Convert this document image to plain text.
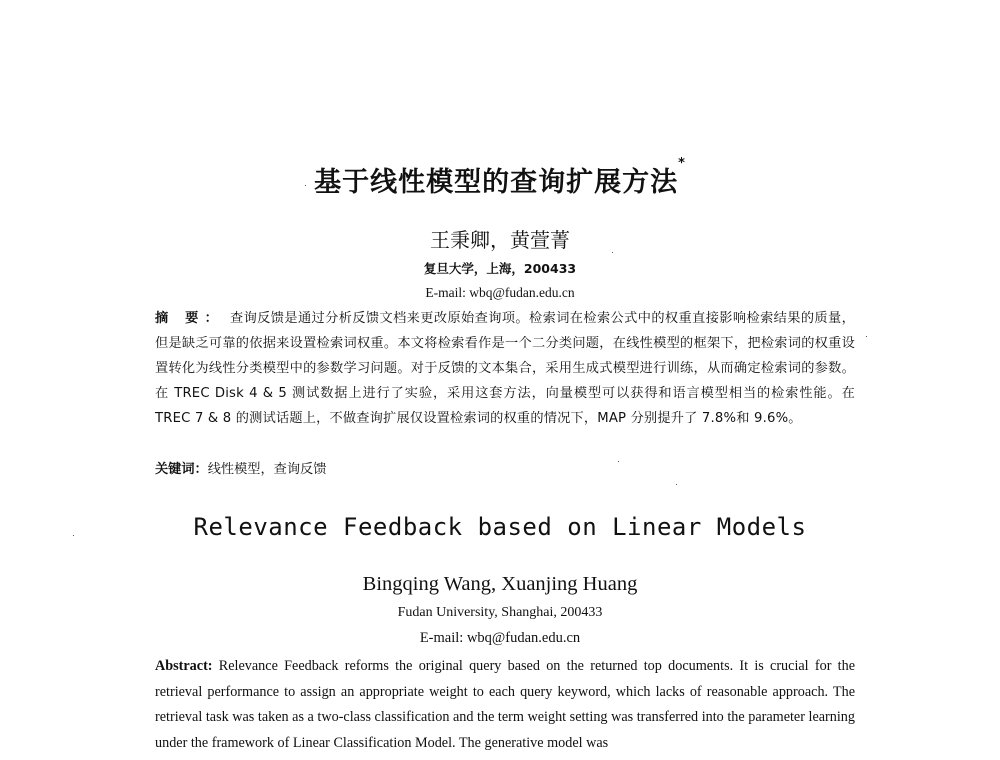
基于线性模型的查询扩展方法*
王秉卿，黄萱菁
复旦大学，上海，200433
E-mail: wbq@fudan.edu.cn
摘 要： 查询反馈是通过分析反馈文档来更改原始查询项。检索词在检索公式中的权重直接影响检索结果的质量，但是缺乏可靠的依据来设置检索词权重。本文将检索看作是一个二分类问题，在线性模型的框架下，把检索词的权重设置转化为线性分类模型中的参数学习问题。对于反馈的文本集合，采用生成式模型进行训练，从而确定检索词的参数。在 TREC Disk 4 & 5 测试数据上进行了实验，采用这套方法，向量模型可以获得和语言模型相当的检索性能。在 TREC 7 & 8 的测试话题上，不做查询扩展仅设置检索词的权重的情况下，MAP 分别提升了 7.8%和 9.6%。
关键词：线性模型，查询反馈
Relevance Feedback based on Linear Models
Bingqing Wang, Xuanjing Huang
Fudan University, Shanghai, 200433
E-mail: wbq@fudan.edu.cn
Abstract: Relevance Feedback reforms the original query based on the returned top documents. It is crucial for the retrieval performance to assign an appropriate weight to each query keyword, which lacks of reasonable approach. The retrieval task was taken as a two-class classification and the term weight setting was transferred into the parameter learning under the framework of Linear Classification Model. The generative model was
